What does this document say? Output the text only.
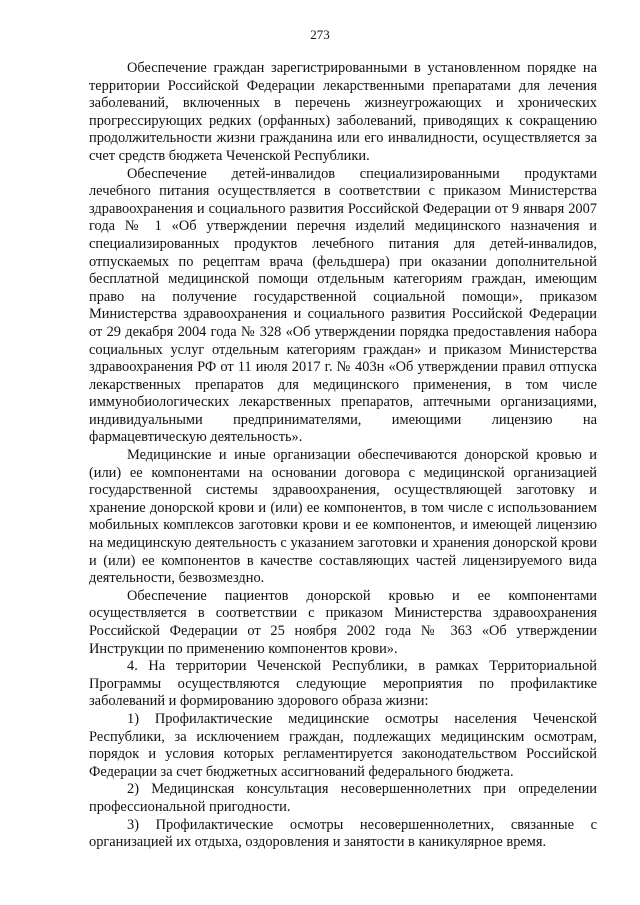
273

Обеспечение граждан зарегистрированными в установленном порядке на территории Российской Федерации лекарственными препаратами для лечения заболеваний, включенных в перечень жизнеугрожающих и хронических прогрессирующих редких (орфанных) заболеваний, приводящих к сокращению продолжительности жизни гражданина или его инвалидности, осуществляется за счет средств бюджета Чеченской Республики.

Обеспечение детей-инвалидов специализированными продуктами лечебного питания осуществляется в соответствии с приказом Министерства здравоохранения и социального развития Российской Федерации от 9 января 2007 года № 1 «Об утверждении перечня изделий медицинского назначения и специализированных продуктов лечебного питания для детей-инвалидов, отпускаемых по рецептам врача (фельдшера) при оказании дополнительной бесплатной медицинской помощи отдельным категориям граждан, имеющим право на получение государственной социальной помощи», приказом Министерства здравоохранения и социального развития Российской Федерации от 29 декабря 2004 года № 328 «Об утверждении порядка предоставления набора социальных услуг отдельным категориям граждан» и приказом Министерства здравоохранения РФ от 11 июля 2017 г. № 403н «Об утверждении правил отпуска лекарственных препаратов для медицинского применения, в том числе иммунобиологических лекарственных препаратов, аптечными организациями, индивидуальными предпринимателями, имеющими лицензию на фармацевтическую деятельность».

Медицинские и иные организации обеспечиваются донорской кровью и (или) ее компонентами на основании договора с медицинской организацией государственной системы здравоохранения, осуществляющей заготовку и хранение донорской крови и (или) ее компонентов, в том числе с использованием мобильных комплексов заготовки крови и ее компонентов, и имеющей лицензию на медицинскую деятельность с указанием заготовки и хранения донорской крови и (или) ее компонентов в качестве составляющих частей лицензируемого вида деятельности, безвозмездно.

Обеспечение пациентов донорской кровью и ее компонентами осуществляется в соответствии с приказом Министерства здравоохранения Российской Федерации от 25 ноября 2002 года № 363 «Об утверждении Инструкции по применению компонентов крови».

4. На территории Чеченской Республики, в рамках Территориальной Программы осуществляются следующие мероприятия по профилактике заболеваний и формированию здорового образа жизни:

1) Профилактические медицинские осмотры населения Чеченской Республики, за исключением граждан, подлежащих медицинским осмотрам, порядок и условия которых регламентируется законодательством Российской Федерации за счет бюджетных ассигнований федерального бюджета.

2) Медицинская консультация несовершеннолетних при определении профессиональной пригодности.

3) Профилактические осмотры несовершеннолетних, связанные с организацией их отдыха, оздоровления и занятости в каникулярное время.
